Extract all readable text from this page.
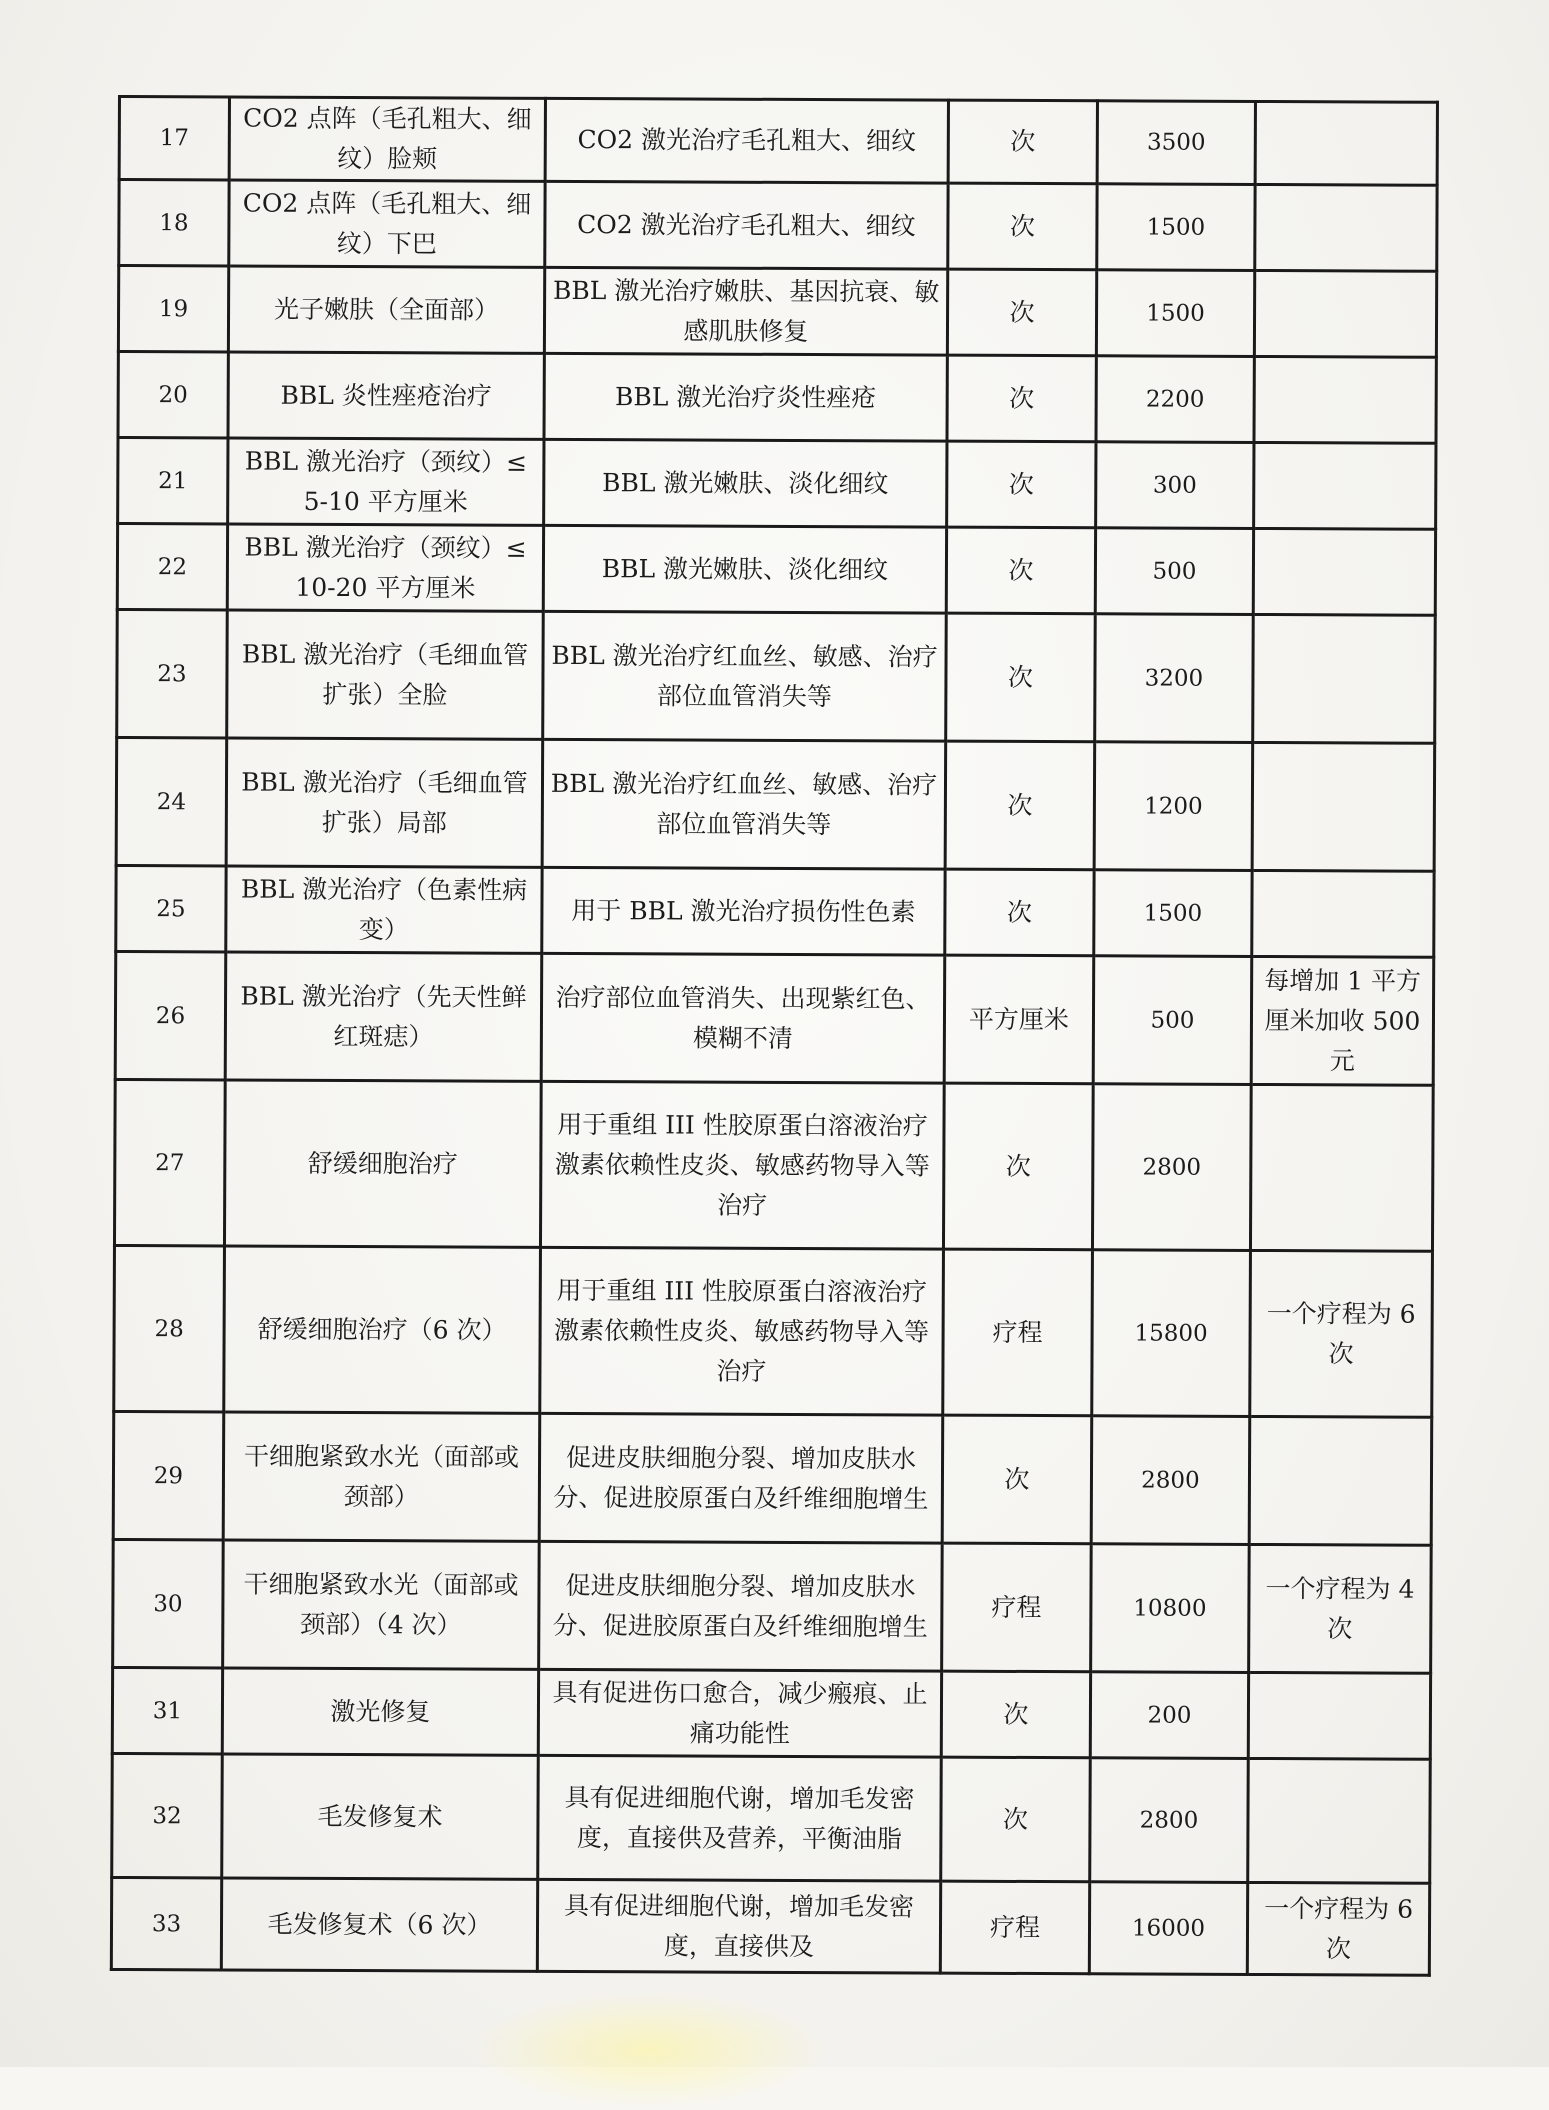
17	CO2 点阵（毛孔粗大、细纹）脸颊	CO2 激光治疗毛孔粗大、细纹	次	3500	
18	CO2 点阵（毛孔粗大、细纹）下巴	CO2 激光治疗毛孔粗大、细纹	次	1500	
19	光子嫩肤（全面部）	BBL 激光治疗嫩肤、基因抗衰、敏感肌肤修复	次	1500	
20	BBL 炎性痤疮治疗	BBL 激光治疗炎性痤疮	次	2200	
21	BBL 激光治疗（颈纹）≤5-10 平方厘米	BBL 激光嫩肤、淡化细纹	次	300	
22	BBL 激光治疗（颈纹）≤10-20 平方厘米	BBL 激光嫩肤、淡化细纹	次	500	
23	BBL 激光治疗（毛细血管扩张）全脸	BBL 激光治疗红血丝、敏感、治疗部位血管消失等	次	3200	
24	BBL 激光治疗（毛细血管扩张）局部	BBL 激光治疗红血丝、敏感、治疗部位血管消失等	次	1200	
25	BBL 激光治疗（色素性病变）	用于 BBL 激光治疗损伤性色素	次	1500	
26	BBL 激光治疗（先天性鲜红斑痣）	治疗部位血管消失、出现紫红色、模糊不清	平方厘米	500	每增加 1 平方厘米加收 500 元
27	舒缓细胞治疗	用于重组 III 性胶原蛋白溶液治疗激素依赖性皮炎、敏感药物导入等治疗	次	2800	
28	舒缓细胞治疗（6 次）	用于重组 III 性胶原蛋白溶液治疗激素依赖性皮炎、敏感药物导入等治疗	疗程	15800	一个疗程为 6 次
29	干细胞紧致水光（面部或颈部）	促进皮肤细胞分裂、增加皮肤水分、促进胶原蛋白及纤维细胞增生	次	2800	
30	干细胞紧致水光（面部或颈部）（4 次）	促进皮肤细胞分裂、增加皮肤水分、促进胶原蛋白及纤维细胞增生	疗程	10800	一个疗程为 4 次
31	激光修复	具有促进伤口愈合，减少瘢痕、止痛功能性	次	200	
32	毛发修复术	具有促进细胞代谢，增加毛发密度，直接供及营养，平衡油脂	次	2800	
33	毛发修复术（6 次）	具有促进细胞代谢，增加毛发密度，直接供及	疗程	16000	一个疗程为 6 次
